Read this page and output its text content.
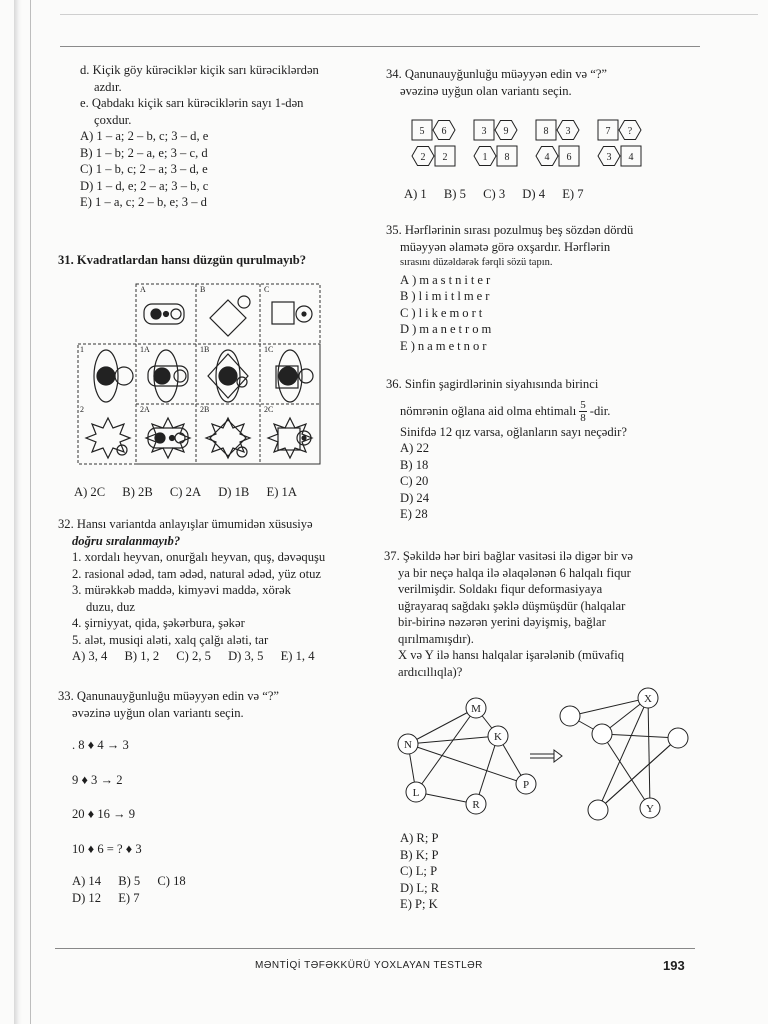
d. Kiçik göy kürəciklər kiçik sarı kürəciklərdən

azdır.

e. Qabdakı kiçik sarı kürəciklərin sayı 1-dən

çoxdur.

A) 1 – a; 2 – b, c; 3 – d, e

B) 1 – b; 2 – a, e; 3 – c, d

C) 1 – b, c; 2 – a; 3 – d, e

D) 1 – d, e; 2 – a; 3 – b, c

E) 1 – a, c; 2 – b, e; 3 – d

31. Kvadratlardan hansı düzgün qurulmayıb?

A	B	C
1	1A	1B	1C
2	2A	2B	2C

A) 2C B) 2B C) 2A D) 1B E) 1A

32. Hansı variantda anlayışlar ümumidən xüsusiyə

doğru sıralanmayıb?

1. xordalı heyvan, onurğalı heyvan, quş, dəvəquşu

2. rasional ədəd, tam ədəd, natural ədəd, yüz otuz

3. mürəkkəb maddə, kimyəvi maddə, xörək

duzu, duz

4. şirniyyat, qida, şəkərbura, şəkər

5. alət, musiqi aləti, xalq çalğı aləti, tar

A) 3, 4 B) 1, 2 C) 2, 5 D) 3, 5 E) 1, 4

33. Qanunauyğunluğu müəyyən edin və “?”

əvəzinə uyğun olan variantı seçin.

. 8 ♦ 4 → 3

9 ♦ 3 → 2

20 ♦ 16 → 9

10 ♦ 6 = ? ♦ 3

A) 14 B) 5 C) 18

D) 12 E) 7

34. Qanunauyğunluğu müəyyən edin və “?”

əvəzinə uyğun olan variantı seçin.

5 6
2 2
3 9
1 8
8 3
4 6
7 ?
3 4

A) 1 B) 5 C) 3 D) 4 E) 7

35. Hərflərinin sırası pozulmuş beş sözdən dördü

müəyyən əlamətə görə oxşardır. Hərflərin

sırasını düzəldərək fərqli sözü tapın.

A)mastniter

B)limitlmer

C)likemort

D)manetrom

E)nametnor

36. Sinfin şagirdlərinin siyahısında birinci

nömrənin oğlana aid olma ehtimalı $\frac{5}{8} -dir$.

Sinifdə 12 qız varsa, oğlanların sayı neçədir?

A) 22

B) 18

C) 20

D) 24

E) 28

37. Şəkildə hər biri bağlar vasitəsi ilə digər bir və

ya bir neçə halqa ilə əlaqələnən 6 halqalı fiqur

verilmişdir. Soldakı fiqur deformasiyaya

uğrayaraq sağdakı şəklə düşmüşdür (halqalar

bir-birinə nəzərən yerini dəyişmiş, bağlar

qırılmamışdır).

X və Y ilə hansı halqalar işarələnib (müvafiq

ardıcıllıqla)?

M
N
K
L
R
P
X
Y

A) R; P

B) K; P

C) L; P

D) L; R

E) P; K

MƏNTİQİ TƏFƏKKÜRÜ YOXLAYAN TESTLƏR	193
